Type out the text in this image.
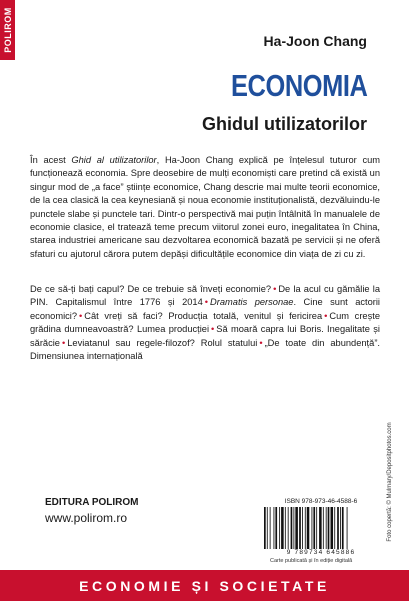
POLIROM	Ha-Joon Chang
ECONOMIA
Ghidul utilizatorilor
În acest Ghid al utilizatorilor, Ha-Joon Chang explică pe înțelesul tuturor cum funcționează economia. Spre deosebire de mulți economiști care pretind că există un singur mod de „a face” științe economice, Chang descrie mai multe teorii economice, de la cea clasică la cea keynesiană și noua economie instituționalistă, dezvăluindu-le punctele slabe și punctele tari. Dintr-o perspectivă mai puțin întâlnită în manualele de economie clasice, el tratează teme precum viitorul zonei euro, inegalitatea în China, starea industriei americane sau dezvoltarea economică bazată pe servicii și ne oferă sfaturi cu ajutorul cărora putem depăși dificultățile economice din viața de zi cu zi.
De ce să-ți bați capul? De ce trebuie să înveți economie? • De la acul cu gămălie la PIN. Capitalismul între 1776 și 2014 • Dramatis personae. Cine sunt actorii economici? • Cât vreți să faci? Producția totală, venitul și fericirea • Cum crește grădina dumneavoastră? Lumea producției • Să moară capra lui Boris. Inegalitate și sărăcie • Leviatanul sau regele-filozof? Rolul statului • „De toate din abundență”. Dimensiunea internațională
Foto copertă: © Mulmary/Depositphotos.com
EDITURA POLIROM
www.polirom.ro
ISBN 978-973-46-4588-6
9 789734 645886
Carte publicată și în ediție digitală
ECONOMIE ȘI SOCIETATE
